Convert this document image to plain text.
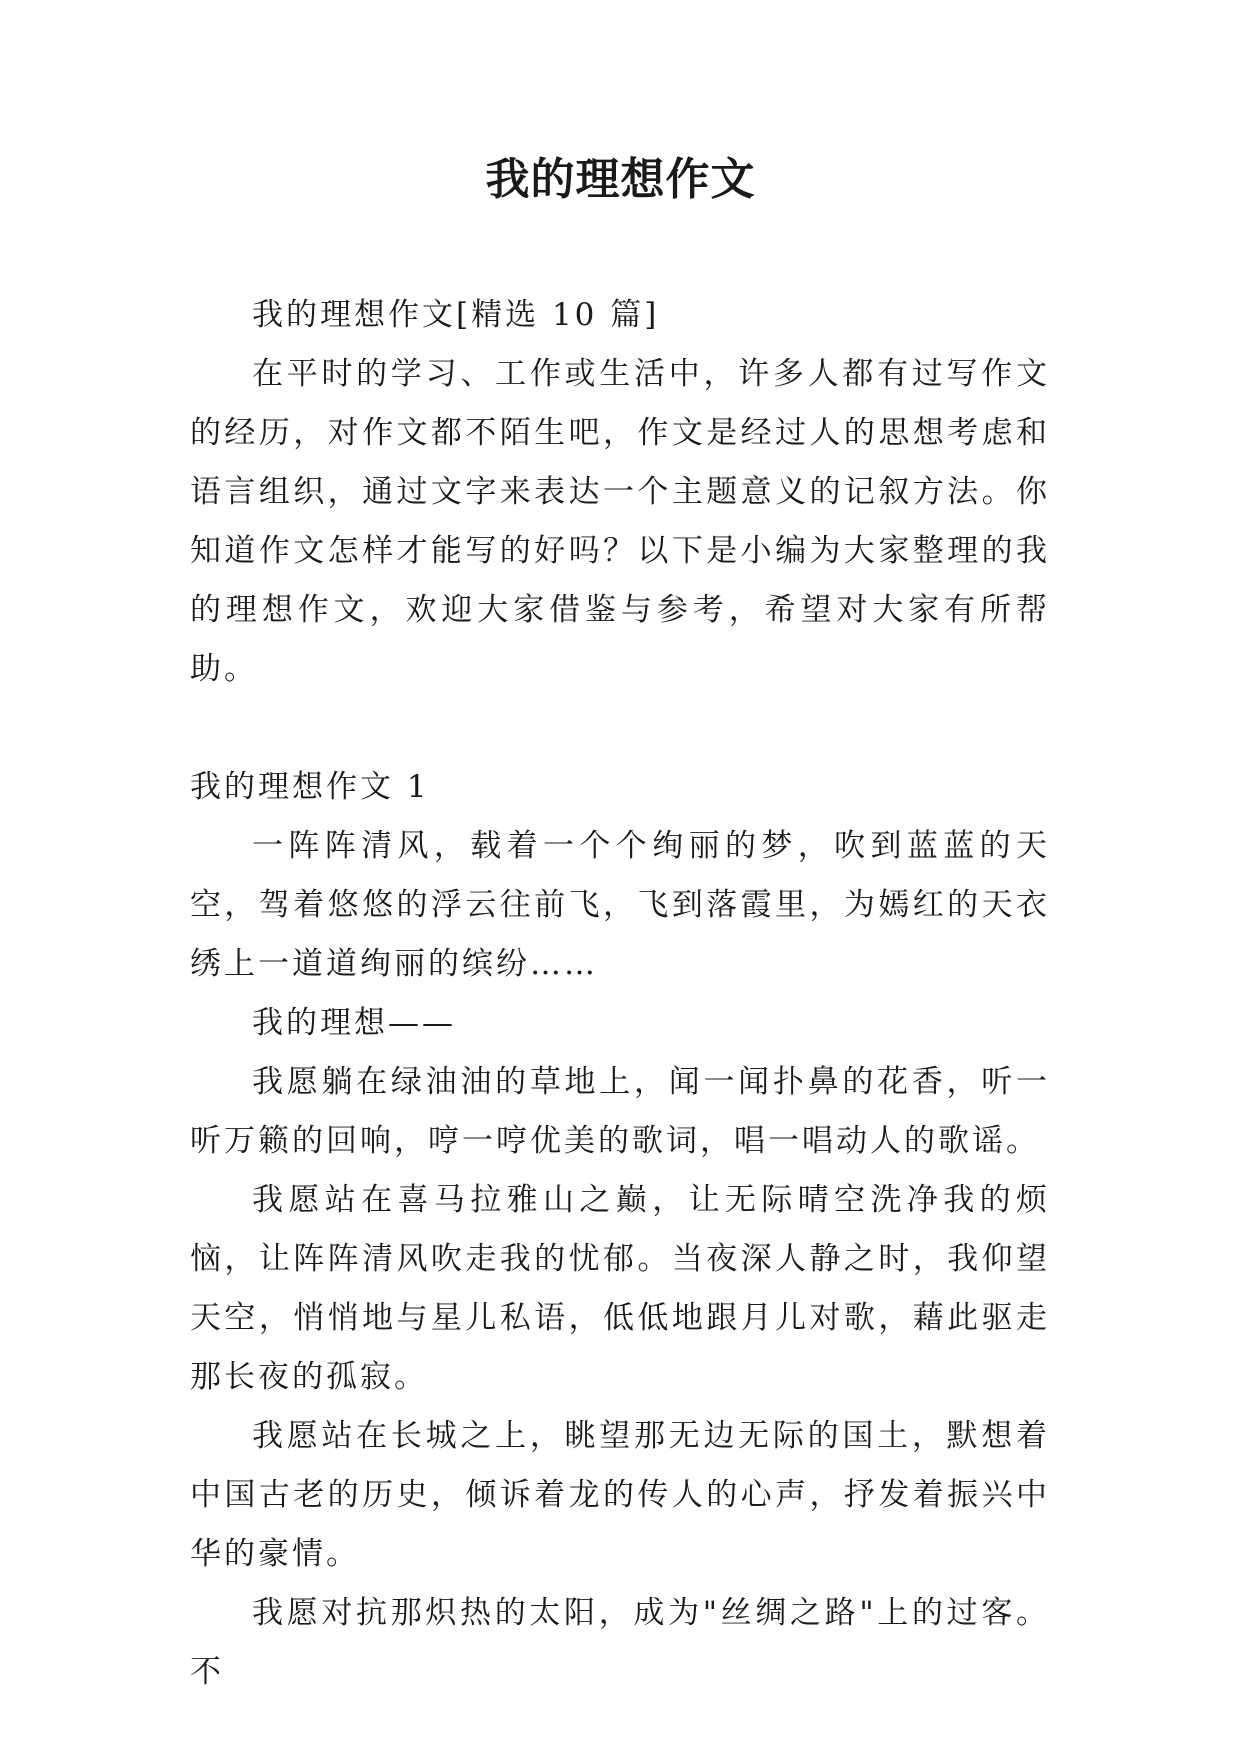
我的理想作文

我的理想作文[精选 10 篇]

在平时的学习、工作或生活中，许多人都有过写作文的经历，对作文都不陌生吧，作文是经过人的思想考虑和语言组织，通过文字来表达一个主题意义的记叙方法。你知道作文怎样才能写的好吗？以下是小编为大家整理的我的理想作文，欢迎大家借鉴与参考，希望对大家有所帮助。

我的理想作文 1

一阵阵清风，载着一个个绚丽的梦，吹到蓝蓝的天空，驾着悠悠的浮云往前飞，飞到落霞里，为嫣红的天衣绣上一道道绚丽的缤纷……

我的理想——

我愿躺在绿油油的草地上，闻一闻扑鼻的花香，听一听万籁的回响，哼一哼优美的歌词，唱一唱动人的歌谣。

我愿站在喜马拉雅山之巅，让无际晴空洗净我的烦恼，让阵阵清风吹走我的忧郁。当夜深人静之时，我仰望天空，悄悄地与星儿私语，低低地跟月儿对歌，藉此驱走那长夜的孤寂。

我愿站在长城之上，眺望那无边无际的国土，默想着中国古老的历史，倾诉着龙的传人的心声，抒发着振兴中华的豪情。

我愿对抗那炽热的太阳，成为"丝绸之路"上的过客。不
